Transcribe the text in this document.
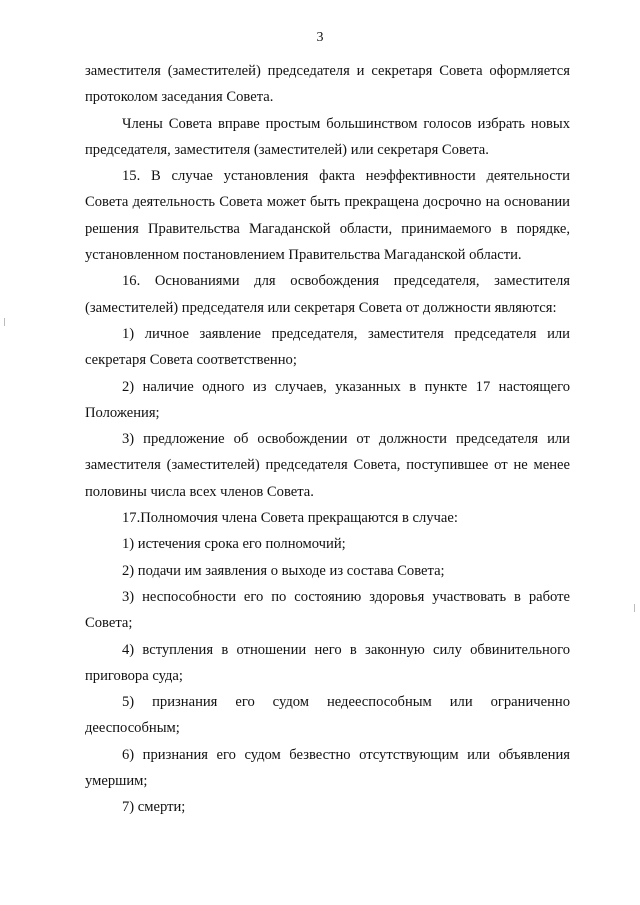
3

заместителя (заместителей) председателя и секретаря Совета оформляется протоколом заседания Совета.

Члены Совета вправе простым большинством голосов избрать новых председателя, заместителя (заместителей) или секретаря Совета.

15. В случае установления факта неэффективности деятельности Совета деятельность Совета может быть прекращена досрочно на основании решения Правительства Магаданской области, принимаемого в порядке, установленном постановлением Правительства Магаданской области.

16. Основаниями для освобождения председателя, заместителя (заместителей) председателя или секретаря Совета от должности являются:

1) личное заявление председателя, заместителя председателя или секретаря Совета соответственно;

2) наличие одного из случаев, указанных в пункте 17 настоящего Положения;

3) предложение об освобождении от должности председателя или заместителя (заместителей) председателя Совета, поступившее от не менее половины числа всех членов Совета.

17.Полномочия члена Совета прекращаются в случае:

1) истечения срока его полномочий;

2) подачи им заявления о выходе из состава Совета;

3) неспособности его по состоянию здоровья участвовать в работе Совета;

4) вступления в отношении него в законную силу обвинительного приговора суда;

5) признания его судом недееспособным или ограниченно дееспособным;

6) признания его судом безвестно отсутствующим или объявления умершим;

7) смерти;
